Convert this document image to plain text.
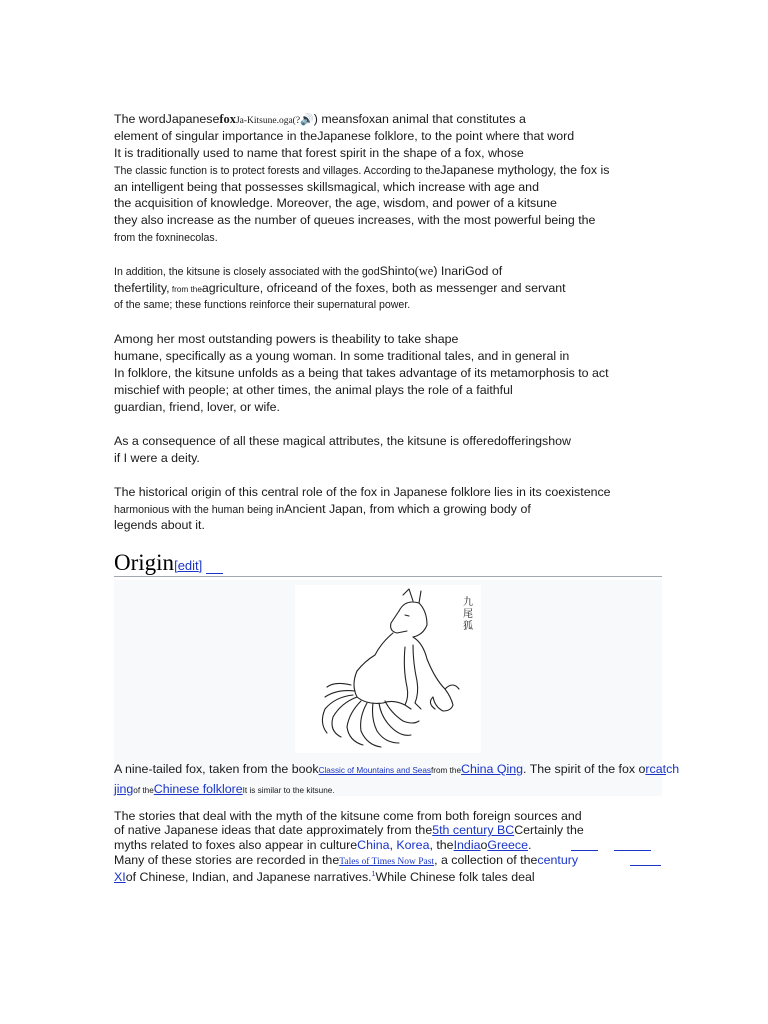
The wordJapanesefoxJa-Kitsune.oga(?🔊) meansfoxan animal that constitutes a
element of singular importance in theJapanese folklore, to the point where that word
It is traditionally used to name that forest spirit in the shape of a fox, whose
The classic function is to protect forests and villages. According to theJapanese mythology, the fox is
an intelligent being that possesses skillsmagical, which increase with age and
the acquisition of knowledge. Moreover, the age, wisdom, and power of a kitsune
they also increase as the number of queues increases, with the most powerful being the
from the foxninecolas.
In addition, the kitsune is closely associated with the godShinto(we) InariGod of
thefertility, from theagriculture, ofriceand of the foxes, both as messenger and servant
of the same; these functions reinforce their supernatural power.
Among her most outstanding powers is theability to take shape
humane, specifically as a young woman. In some traditional tales, and in general in
In folklore, the kitsune unfolds as a being that takes advantage of its metamorphosis to act
mischief with people; at other times, the animal plays the role of a faithful
guardian, friend, lover, or wife.
As a consequence of all these magical attributes, the kitsune is offeredofferingshow
if I were a deity.
The historical origin of this central role of the fox in Japanese folklore lies in its coexistence
harmonious with the human being inAncient Japan, from which a growing body of
legends about it.
Origin[edit]
九尾狐
A nine-tailed fox, taken from the bookClassic of Mountains and Seasfrom theChina Qing. The spirit of the fox orcatch
jingof theChinese folkloreIt is similar to the kitsune.
The stories that deal with the myth of the kitsune come from both foreign sources and
of native Japanese ideas that date approximately from the5th century BCCertainly the
myths related to foxes also appear in cultureChina, Korea, theIndiaoGreece.
Many of these stories are recorded in theTales of Times Now Past, a collection of thecentury
XIof Chinese, Indian, and Japanese narratives.$^1$While Chinese folk tales deal
